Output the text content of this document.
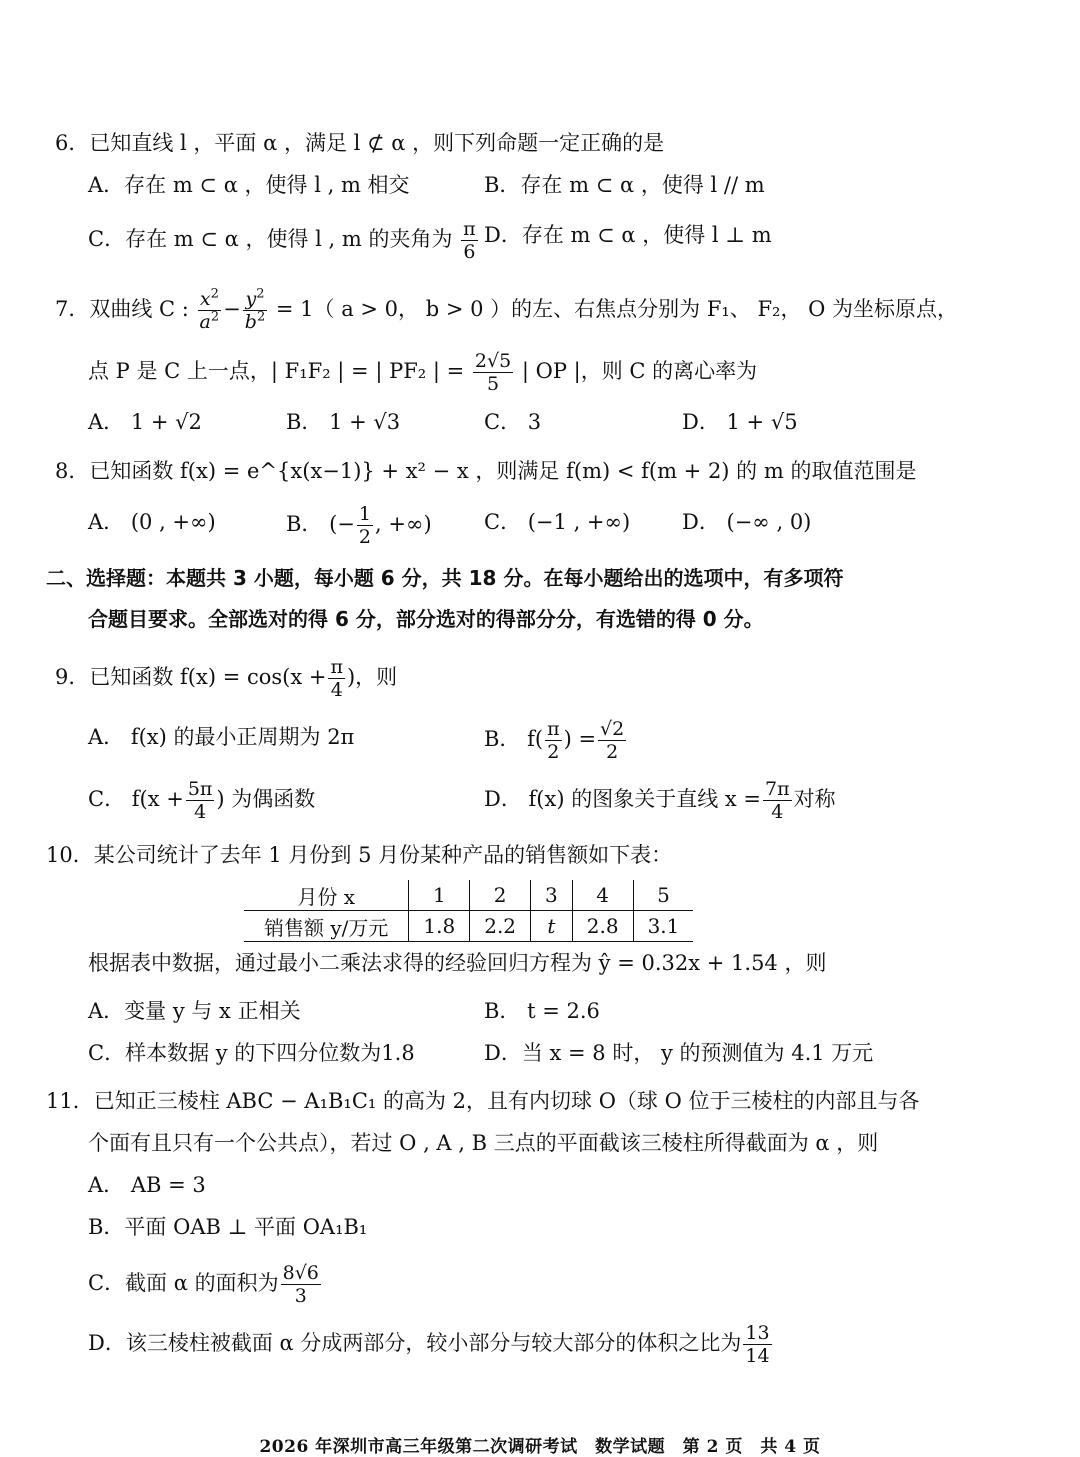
6．已知直线 l ，平面 α ，满足 l ⊄ α ，则下列命题一定正确的是
A．存在 m ⊂ α ，使得 l , m 相交	B．存在 m ⊂ α ，使得 l // m
C．存在 m ⊂ α ，使得 l , m 的夹角为 $\frac{\pi}{6}$ D．存在 m ⊂ α ，使得 l ⊥ m
7．双曲线 C : $\frac{x^2}{a^2} - \frac{y^2}{b^2} = 1$（ a > 0， b > 0 ）的左、右焦点分别为 F₁、 F₂， O 为坐标原点，
点 P 是 C 上一点，| F₁F₂ | = | PF₂ | = $\frac{2√5}{5}$ | OP |，则 C 的离心率为
A． 1 + √2	B． 1 + √3	C． 3	D． 1 + √5
8．已知函数 f(x) = e^{x(x−1)} + x² − x ，则满足 f(m) < f(m + 2) 的 m 的取值范围是
A． (0 , +∞)	B． (− $\frac{1}{2}$ , +∞) C． (−1 , +∞) D． (−∞ , 0)
二、选择题：本题共 3 小题，每小题 6 分，共 18 分。在每小题给出的选项中，有多项符
合题目要求。全部选对的得 6 分，部分选对的得部分分，有选错的得 0 分。
9．已知函数 $f(x) = \cos(x + \frac{\pi}{4}$ )，则
A． f(x) 的最小正周期为 2π	B． $f( \frac{\pi}{2}$ ) = $\frac{√2}{2}$
C． $f(x + \frac{5\pi}{4}$ ) 为偶函数	D． f(x) 的图象关于直线 $x = \frac{7\pi}{4}$ 对称
10．某公司统计了去年 1 月份到 5 月份某种产品的销售额如下表：
月份 x	1	2	3	4	5
销售额 y/万元	1.8	2.2	t	2.8	3.1
根据表中数据，通过最小二乘法求得的经验回归方程为 ŷ = 0.32x + 1.54 ，则
A．变量 y 与 x 正相关	B． t = 2.6
C．样本数据 y 的下四分位数为1.8	D．当 x = 8 时， y 的预测值为 4.1 万元
11．已知正三棱柱 ABC − A₁B₁C₁ 的高为 2，且有内切球 O（球 O 位于三棱柱的内部且与各
个面有且只有一个公共点），若过 O , A , B 三点的平面截该三棱柱所得截面为 α ，则
A． AB = 3
B．平面 OAB ⊥ 平面 OA₁B₁
C．截面 α 的面积为 $\frac{8√6}{3}$
D．该三棱柱被截面 α 分成两部分，较小部分与较大部分的体积之比为 $\frac{13}{14}$
2026 年深圳市高三年级第二次调研考试　数学试题　第 2 页　共 4 页
